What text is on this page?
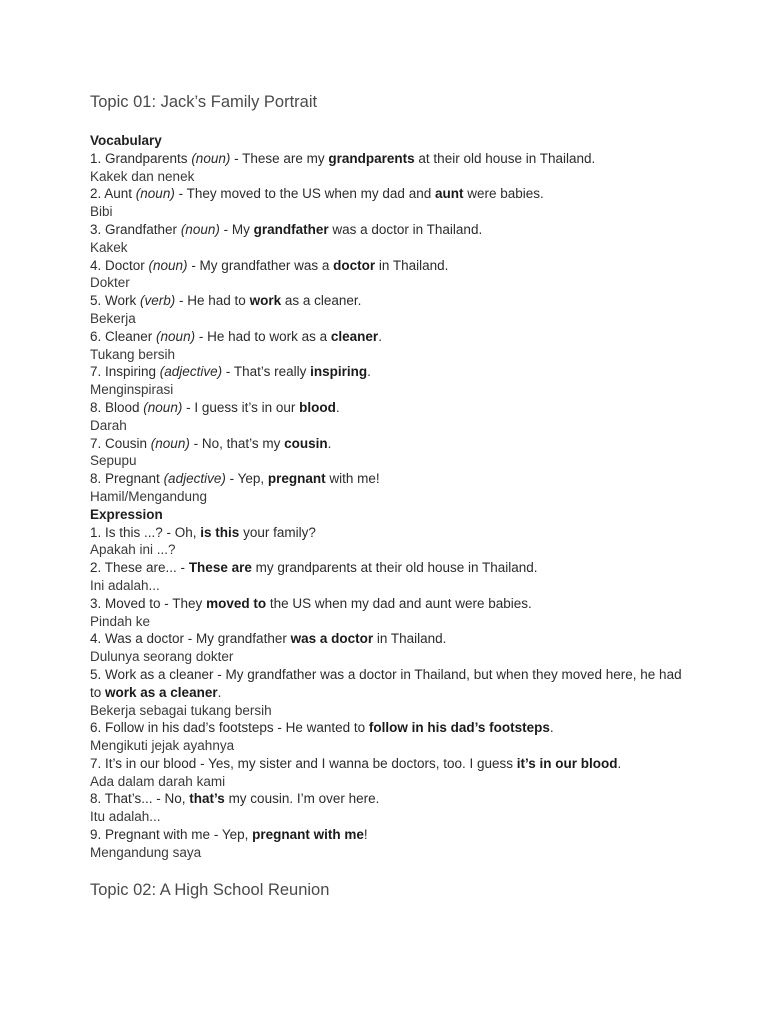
Topic 01: Jack’s Family Portrait

Vocabulary

1. Grandparents (noun) - These are my grandparents at their old house in Thailand.

Kakek dan nenek

2. Aunt (noun) - They moved to the US when my dad and aunt were babies.

Bibi

3. Grandfather (noun) - My grandfather was a doctor in Thailand.

Kakek

4. Doctor (noun) - My grandfather was a doctor in Thailand.

Dokter

5. Work (verb) - He had to work as a cleaner.

Bekerja

6. Cleaner (noun) - He had to work as a cleaner.

Tukang bersih

7. Inspiring (adjective) - That’s really inspiring.

Menginspirasi

8. Blood (noun) - I guess it’s in our blood.

Darah

7. Cousin (noun) - No, that’s my cousin.

Sepupu

8. Pregnant (adjective) - Yep, pregnant with me!

Hamil/Mengandung

Expression

1. Is this ...? - Oh, is this your family?

Apakah ini ...?

2. These are... - These are my grandparents at their old house in Thailand.

Ini adalah...

3. Moved to - They moved to the US when my dad and aunt were babies.

Pindah ke

4. Was a doctor - My grandfather was a doctor in Thailand.

Dulunya seorang dokter

5. Work as a cleaner - My grandfather was a doctor in Thailand, but when they moved here, he had to work as a cleaner.

Bekerja sebagai tukang bersih

6. Follow in his dad’s footsteps - He wanted to follow in his dad’s footsteps.

Mengikuti jejak ayahnya

7. It’s in our blood - Yes, my sister and I wanna be doctors, too. I guess it’s in our blood.

Ada dalam darah kami

8. That’s... - No, that’s my cousin. I’m over here.

Itu adalah...

9. Pregnant with me - Yep, pregnant with me!

Mengandung saya

Topic 02: A High School Reunion
